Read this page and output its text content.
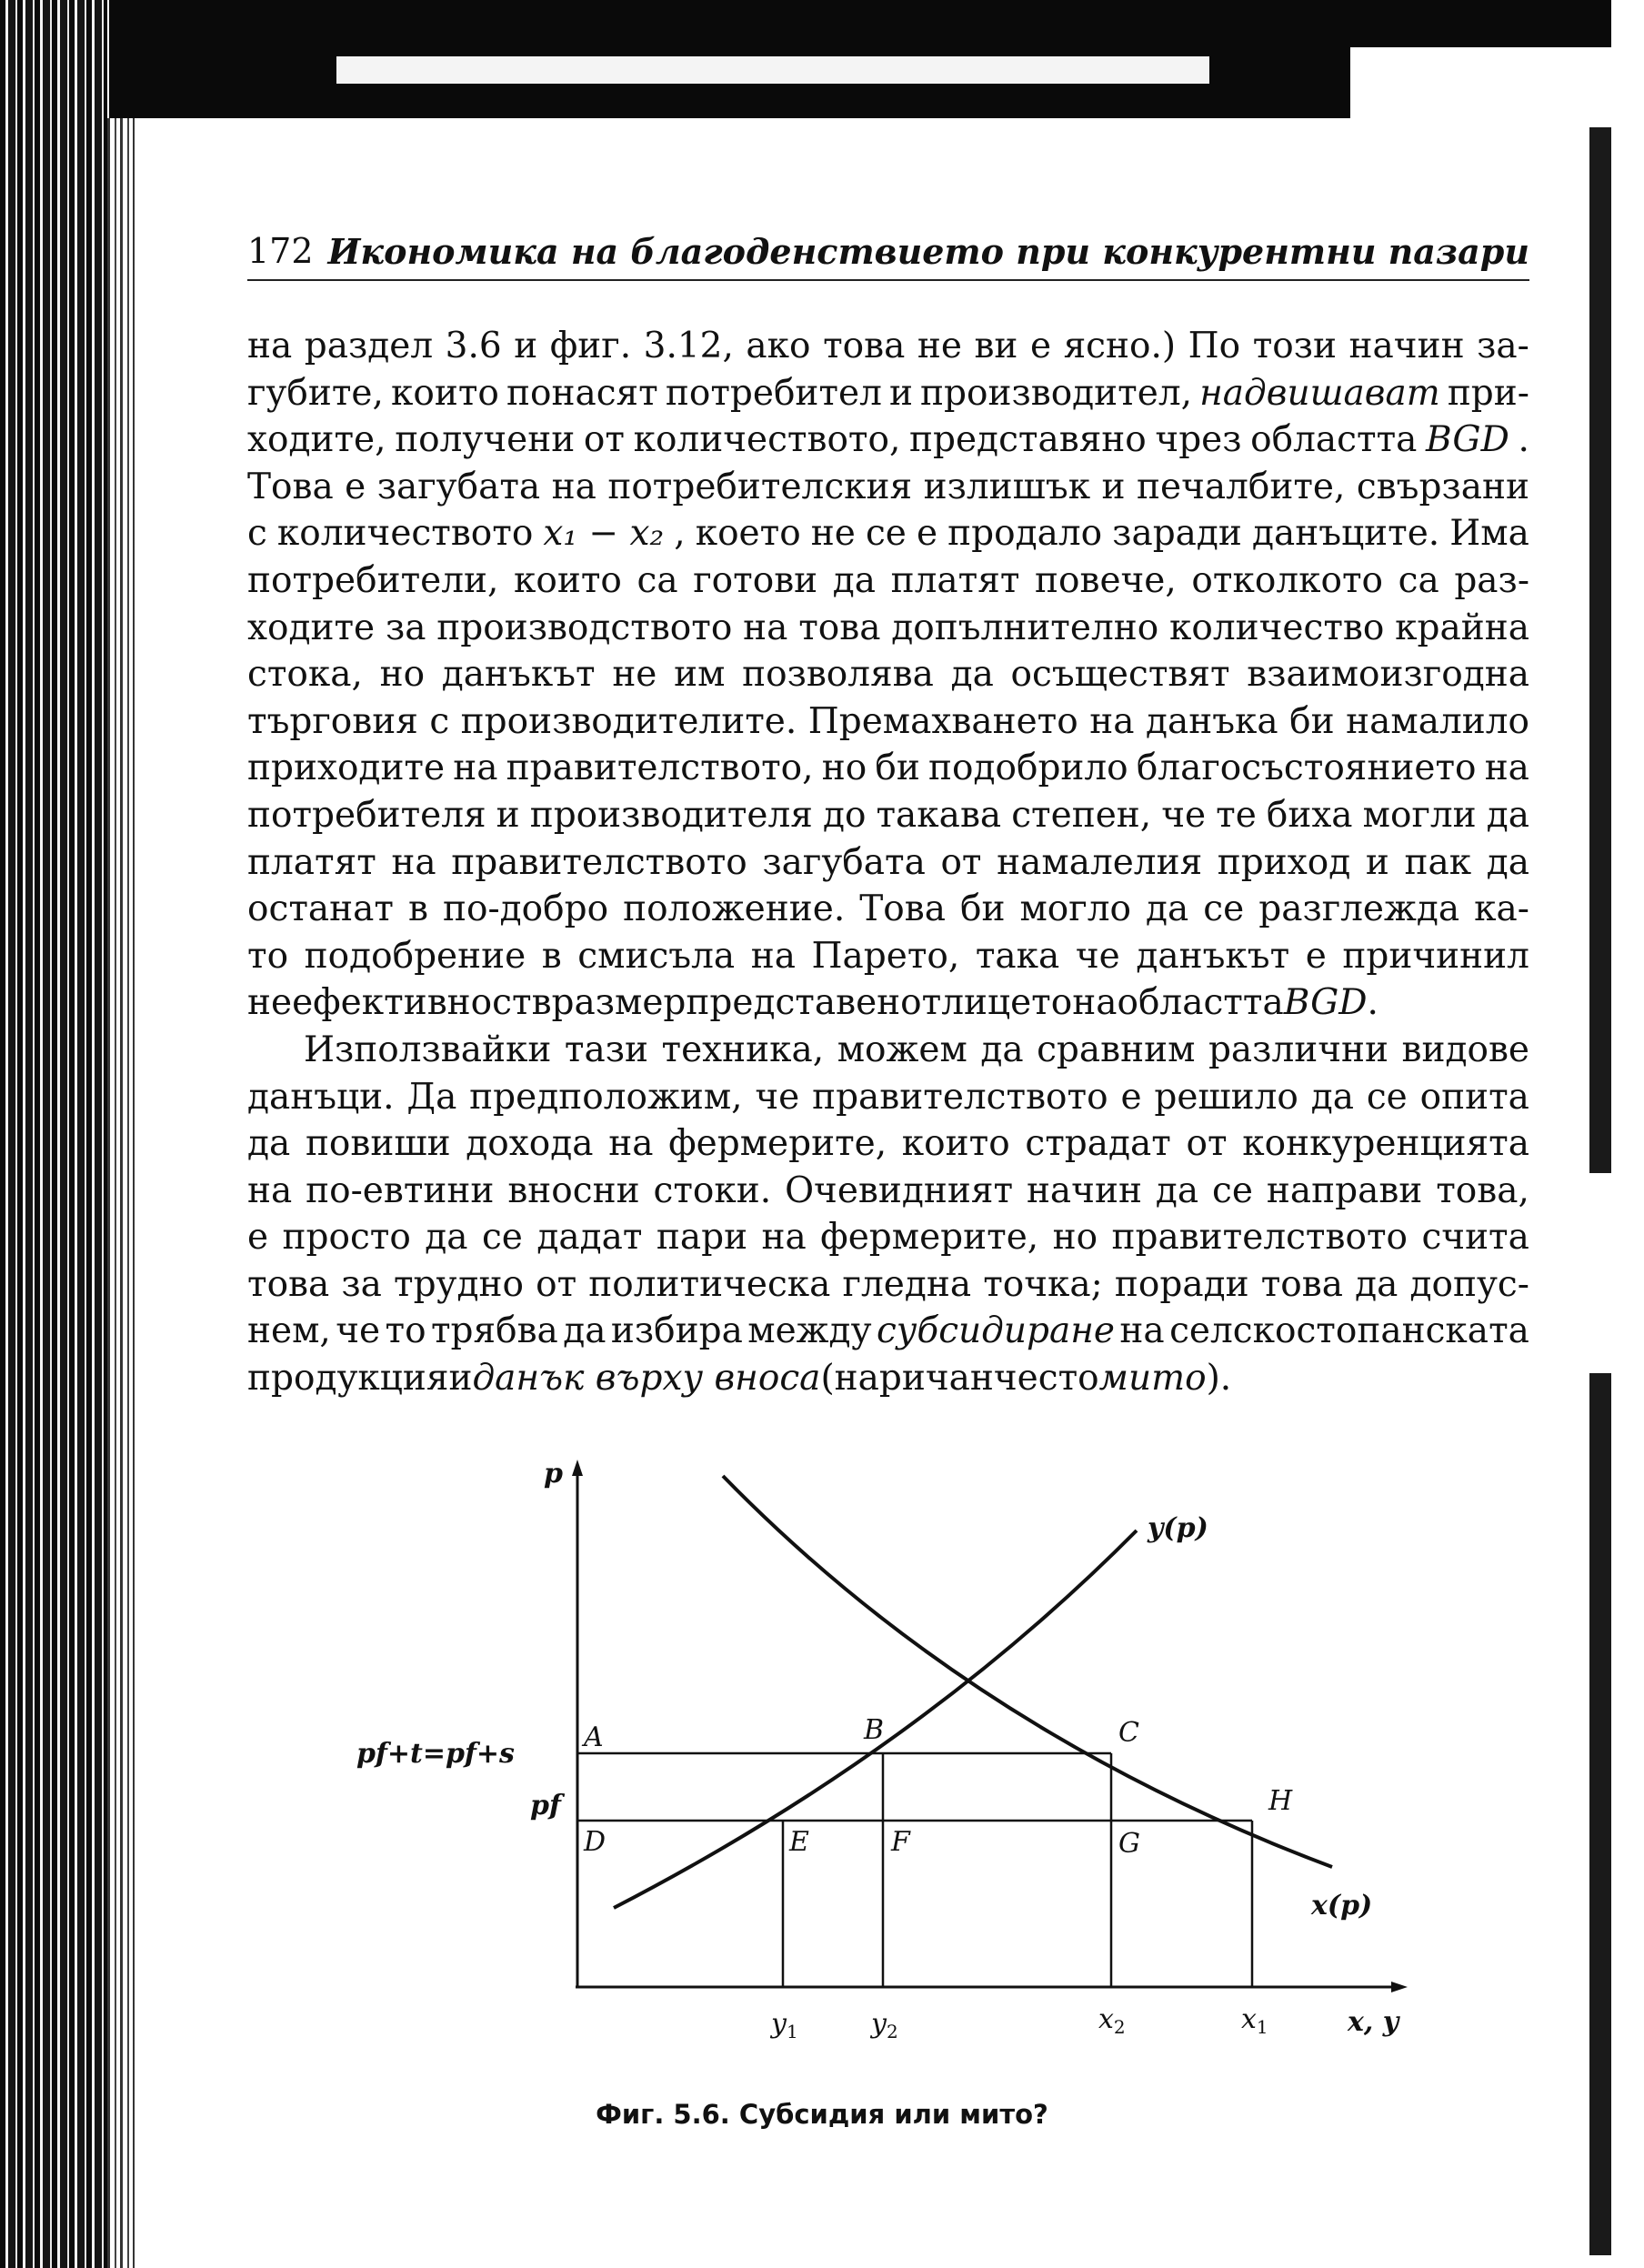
172 Икономика на благоденствието при конкурентни пазари
на раздел 3.6 и фиг. 3.12, ако това не ви е ясно.) По този начин за-
губите, които понасят потребител и производител, надвишават при-
ходите, получени от количеството, представяно чрез областта BGD .
Това е загубата на потребителския излишък и печалбите, свързани
с количеството x₁ − x₂ , което не се е продало заради данъците. Има
потребители, които са готови да платят повече, отколкото са раз-
ходите за производството на това допълнително количество крайна
стока, но данъкът не им позволява да осъществят взаимоизгодна
търговия с производителите. Премахването на данъка би намалило
приходите на правителството, но би подобрило благосъстоянието на
потребителя и производителя до такава степен, че те биха могли да
платят на правителството загубата от намалелия приход и пак да
останат в по-добро положение. Това би могло да се разглежда ка-
то подобрение в смисъла на Парето, така че данъкът е причинил
неефективност в размер представен от лицето на областта BGD .
Използвайки тази техника, можем да сравним различни видове
данъци. Да предположим, че правителството е решило да се опита
да повиши дохода на фермерите, които страдат от конкуренцията
на по-евтини вносни стоки. Очевидният начин да се направи това,
е просто да се дадат пари на фермерите, но правителството счита
това за трудно от политическа гледна точка; поради това да допус-
нем, че то трябва да избира между субсидиране на селскостопанската
продукция и данък върху вноса (наричан често мито ).
y(p)
x(p)
p
x, y
pf+t=pf+s
pf
A	B	C
D	E	F	G
H
$y_1$	$y_2$	$x_2$	$x_1$
Фиг. 5.6. Субсидия или мито?
